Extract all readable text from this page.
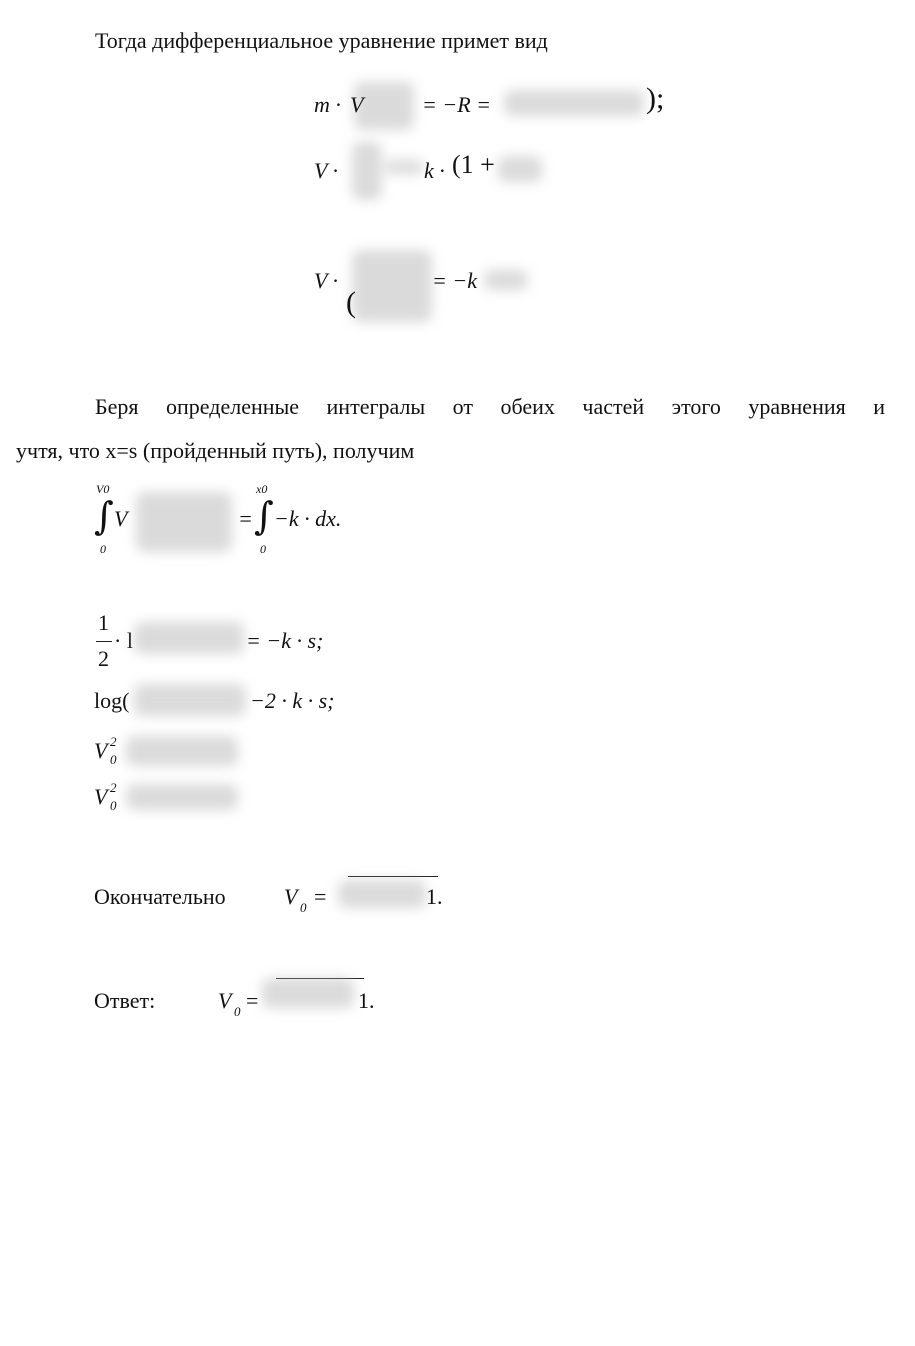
Тогда дифференциальное уравнение примет вид
m · V	= −R =	);
V ·	k · (1 +
V ·	= −k
(
Беря определенные интегралы от обеих частей этого уравнения и
учтя, что x=s (пройденный путь), получим
V0
∫
0
V	=
x0
∫
0
−k · dx.
1
2
· l	= −k · s;
log(	−2 · k · s;
V 2
0
V 2
0
Окончательно	V 0 =	1.
Ответ:	V 0 =	1.
